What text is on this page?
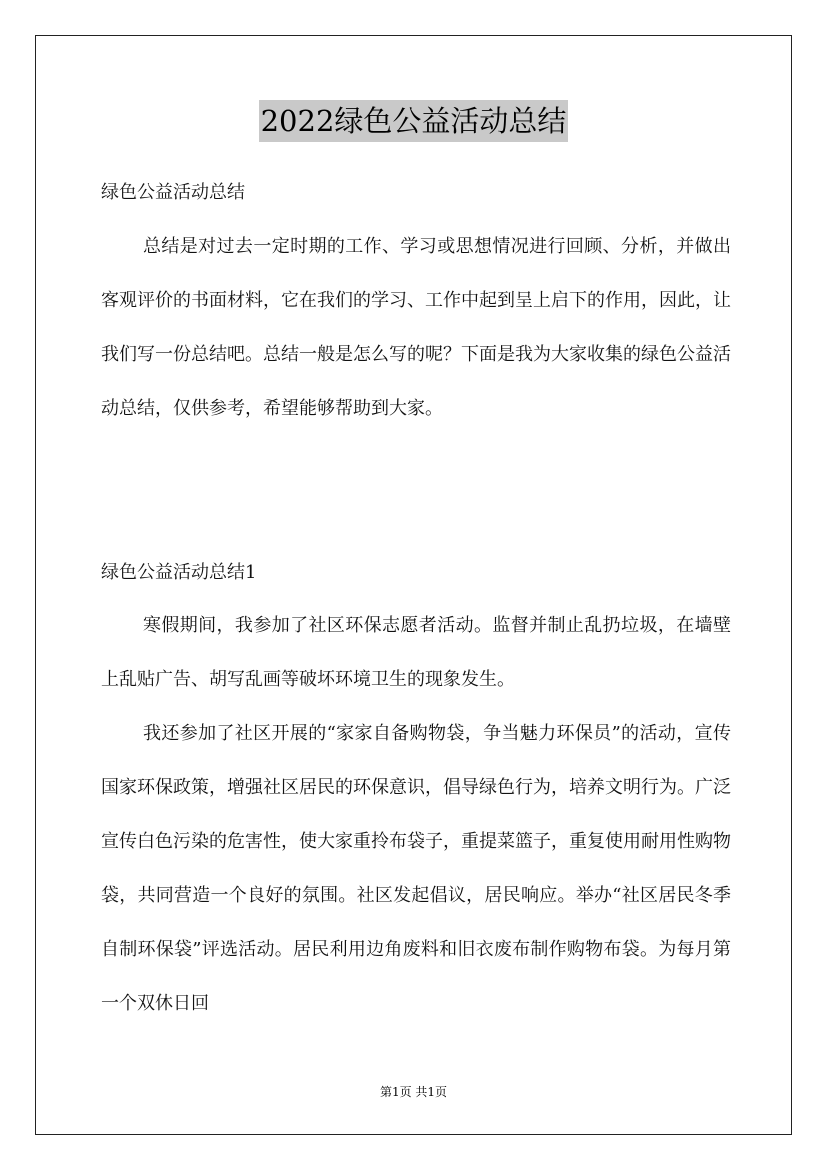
2022绿色公益活动总结

绿色公益活动总结

总结是对过去一定时期的工作、学习或思想情况进行回顾、分析，并做出客观评价的书面材料，它在我们的学习、工作中起到呈上启下的作用，因此，让我们写一份总结吧。总结一般是怎么写的呢？下面是我为大家收集的绿色公益活动总结，仅供参考，希望能够帮助到大家。

绿色公益活动总结1

寒假期间，我参加了社区环保志愿者活动。监督并制止乱扔垃圾，在墙壁上乱贴广告、胡写乱画等破坏环境卫生的现象发生。

我还参加了社区开展的“家家自备购物袋，争当魅力环保员”的活动，宣传国家环保政策，增强社区居民的环保意识，倡导绿色行为，培养文明行为。广泛宣传白色污染的危害性，使大家重拎布袋子，重提菜篮子，重复使用耐用性购物袋，共同营造一个良好的氛围。社区发起倡议，居民响应。举办“社区居民冬季自制环保袋”评选活动。居民利用边角废料和旧衣废布制作购物布袋。为每月第一个双休日回

第1页 共1页
